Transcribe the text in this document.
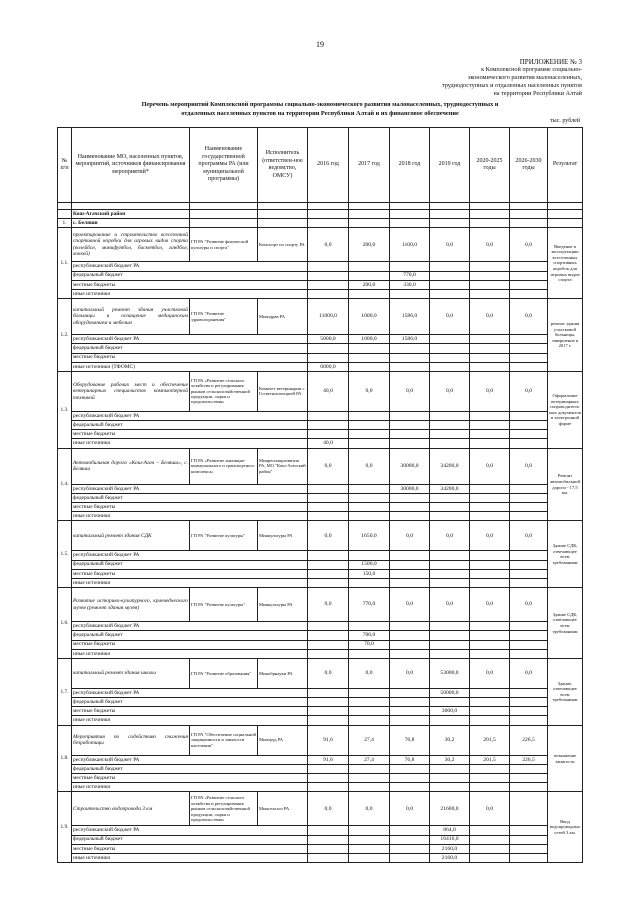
19
ПРИЛОЖЕНИЕ № 3
к Комплексной программе социально-
экономического развития малонаселенных,
труднодоступных и отдаленных населенных пунктов
на территории Республики Алтай
Перечень мероприятий Комплексной программы социально-экономического развития малонаселенных, труднодоступных и
отдаленных населенных пунктов на территории Республики Алтай и их финансовое обеспечение
тыс. рублей
№ п/п	Наименование МО, населенных пунктов, мероприятий, источников финансирования мероприятий*	Наименование государственной программы РА (или муниципальной программы)	Исполнитель (ответствен-ное ведомство, ОМСУ)	2016 год	2017 год	2018 год	2019 год	2020-2025 годы	2026-2030 годы	Результат

	Кош-Агачский район									
1.	с. Беляши									
1.1.	проектирование и строительство всесезонной спортивной коробки для игровых видов спорта (волейбол, минифутбол, баскетбол, гандбол, хоккей)	ГП РА "Развитие физической культуры и спорта"	Комспорт по спорту РА	0,0	200,0	1100,0	0,0	0,0	0,0	Введение в эксплуатацию всесезонных спортивных коробок для игровых видов спорта
	республиканский бюджет РА									
	федеральный бюджет					770,0				
	местные бюджеты				200,0	330,0				
	иные источники									
1.2.	капитальный ремонт здания участковой больницы и оснащение медицинским оборудованием и мебелью	ГП РА "Развитие здравоохранения"	Минздрав РА	11000,0	1000,0	1586,0	0,0	0,0	0,0	ремонт здания участковой больницы, завершение в 2017 г.
	республиканский бюджет РА			5000,0	1000,0	1586,0				
	федеральный бюджет									
	местные бюджеты									
	иные источники (ТФОМС)			6000,0						
1.3.	Оборудование рабочих мест и обеспечение ветеринарных специалистов компьютерной техникой	ГП РА «Развитие сельского хозяйства и регулирования рынков сельскохозяйственной продукции, сырья и продовольствия»	Комитет ветеринарии с Госветинспекцией РА	40,0	0,0	0,0	0,0	0,0	0,0	Оформление ветеринарных сопроводитель-ных документов в электронной форме
	республиканский бюджет РА									
	федеральный бюджет									
	местные бюджеты									
	иные источники			40,0						
1.4.	Автомобильная дорога «Кош-Агач – Беляши», с. Беляши	ГП РА «Развитие жилищно-коммунального и транспортного комплекса»	Минрегионразвития РА, МО "Кош-Агачский район"	0,0	0,0	30000,0	34200,0	0,0	0,0	Ремонт автомобильной дороги - 17,5 км.
	республиканский бюджет РА					30000,0	34200,0			
	федеральный бюджет									
	местные бюджеты									
	иные источники									
1.5.	капитальный ремонт здания СДК	ГП РА "Развитие культуры"	Минкультуры РА	0,0	1650,0	0,0	0,0	0,0	0,0	Здание СДК, отвечающее всем требованиям
	республиканский бюджет РА									
	федеральный бюджет				1500,0					
	местные бюджеты				150,0					
	иные источники									
1.6.	Развитие историко-культурного, краеведческого музея (ремонт здания музея)	ГП РА "Развитие культуры"	Минкультуры РА	0,0	770,0	0,0	0,0	0,0	0,0	Здание СДК, отвечающее всем требованиям
	республиканский бюджет РА									
	федеральный бюджет				700,0					
	местные бюджеты				70,0					
	иные источники									
1.7.	капитальный ремонт здания школы	ГП РА "Развитие образования"	Минобрнауки РА	0,0	0,0	0,0	53000,0	0,0	0,0	Здание, отвечающее всем требованиям
	республиканский бюджет РА						50000,0			
	федеральный бюджет									
	местные бюджеты						3000,0			
	иные источники									
1.8.	Мероприятия по содействию снижения безработицы	ГП РА "Обеспечение социальной защищенности и занятости населения"	Минтруд РА	91,6	27,4	76,8	30,2	201,5	226,5	повышение занятости
	республиканский бюджет РА			91,6	27,4	76,8	30,2	201,5	226,5	
	федеральный бюджет									
	местные бюджеты									
	иные источники									
1.9.	Строительство водопровода 3 км	ГП РА «Развитие сельского хозяйства и регулирования рынков сельскохозяйственной продукции, сырья и продовольствия»	Минсельхоз РА	0,0	0,0	0,0	21600,0	0,0		Ввод водопроводных сетей 3 км.
	республиканский бюджет РА						864,0			
	федеральный бюджет						16416,0			
	местные бюджеты						2160,0			
	иные источники						2160,0			
